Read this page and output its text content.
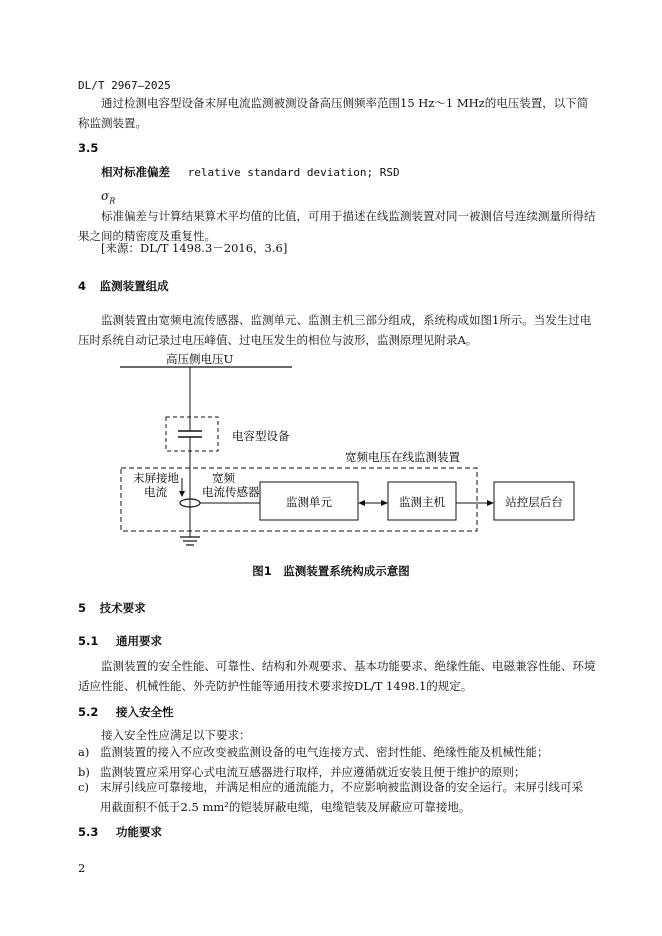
DL/T 2967—2025
通过检测电容型设备末屏电流监测被测设备高压侧频率范围15 Hz～1 MHz的电压装置，以下简称监测装置。
3.5
相对标准偏差 relative standard deviation; RSD
$\sigma_R$
标准偏差与计算结果算术平均值的比值，可用于描述在线监测装置对同一被测信号连续测量所得结果之间的精密度及重复性。
[来源：DL/T 1498.3－2016，3.6]
4 监测装置组成
监测装置由宽频电流传感器、监测单元、监测主机三部分组成，系统构成如图1所示。当发生过电压时系统自动记录过电压峰值、过电压发生的相位与波形，监测原理见附录A。
高压侧电压U
电容型设备
宽频电压在线监测装置
末屏接地
电流
宽频
电流传感器
监测单元	监测主机	站控层后台
图1　监测装置系统构成示意图
5 技术要求
5.1 通用要求
监测装置的安全性能、可靠性、结构和外观要求、基本功能要求、绝缘性能、电磁兼容性能、环境适应性能、机械性能、外壳防护性能等通用技术要求按DL/T 1498.1的规定。
5.2 接入安全性
接入安全性应满足以下要求：
a) 监测装置的接入不应改变被监测设备的电气连接方式、密封性能、绝缘性能及机械性能；
b) 监测装置应采用穿心式电流互感器进行取样，并应遵循就近安装且便于维护的原则；
c) 末屏引线应可靠接地，并满足相应的通流能力，不应影响被监测设备的安全运行。末屏引线可采用截面积不低于2.5 mm²的铠装屏蔽电缆，电缆铠装及屏蔽应可靠接地。
5.3 功能要求
2
